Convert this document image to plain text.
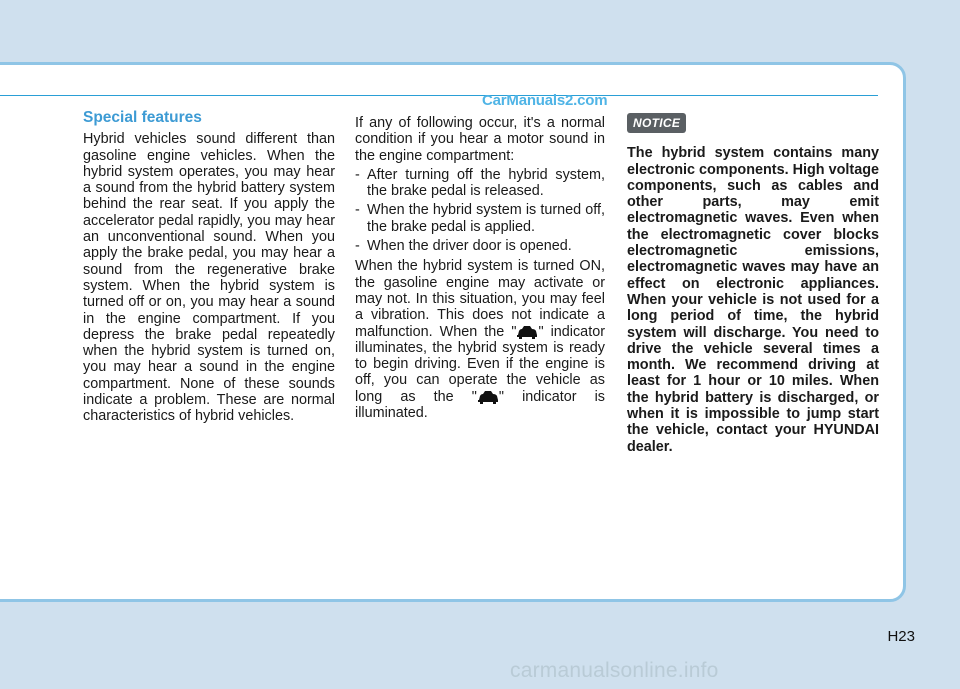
CarManuals2.com
Special features

Hybrid vehicles sound different than gasoline engine vehicles. When the hybrid system operates, you may hear a sound from the hybrid battery system behind the rear seat. If you apply the accelerator pedal rapidly, you may hear an unconventional sound. When you apply the brake pedal, you may hear a sound from the regenerative brake system. When the hybrid system is turned off or on, you may hear a sound in the engine compartment. If you depress the brake pedal repeatedly when the hybrid system is turned on, you may hear a sound in the engine compartment. None of these sounds indicate a problem. These are normal characteristics of hybrid vehicles.

If any of following occur, it's a normal condition if you hear a motor sound in the engine compartment:

- After turning off the hybrid system, the brake pedal is released.
- When the hybrid system is turned off, the brake pedal is applied.
- When the driver door is opened.

When the hybrid system is turned ON, the gasoline engine may activate or may not. In this situation, you may feel a vibration. This does not indicate a malfunction. When the " " indicator illuminates, the hybrid system is ready to begin driving. Even if the engine is off, you can operate the vehicle as long as the " " indicator is illuminated.

NOTICE

The hybrid system contains many electronic components. High voltage components, such as cables and other parts, may emit electromagnetic waves. Even when the electromagnetic cover blocks electromagnetic emissions, electromagnetic waves may have an effect on electronic appliances. When your vehicle is not used for a long period of time, the hybrid system will discharge. You need to drive the vehicle several times a month. We recommend driving at least for 1 hour or 10 miles. When the hybrid battery is discharged, or when it is impossible to jump start the vehicle, contact your HYUNDAI dealer.

H23
carmanualsonline.info
